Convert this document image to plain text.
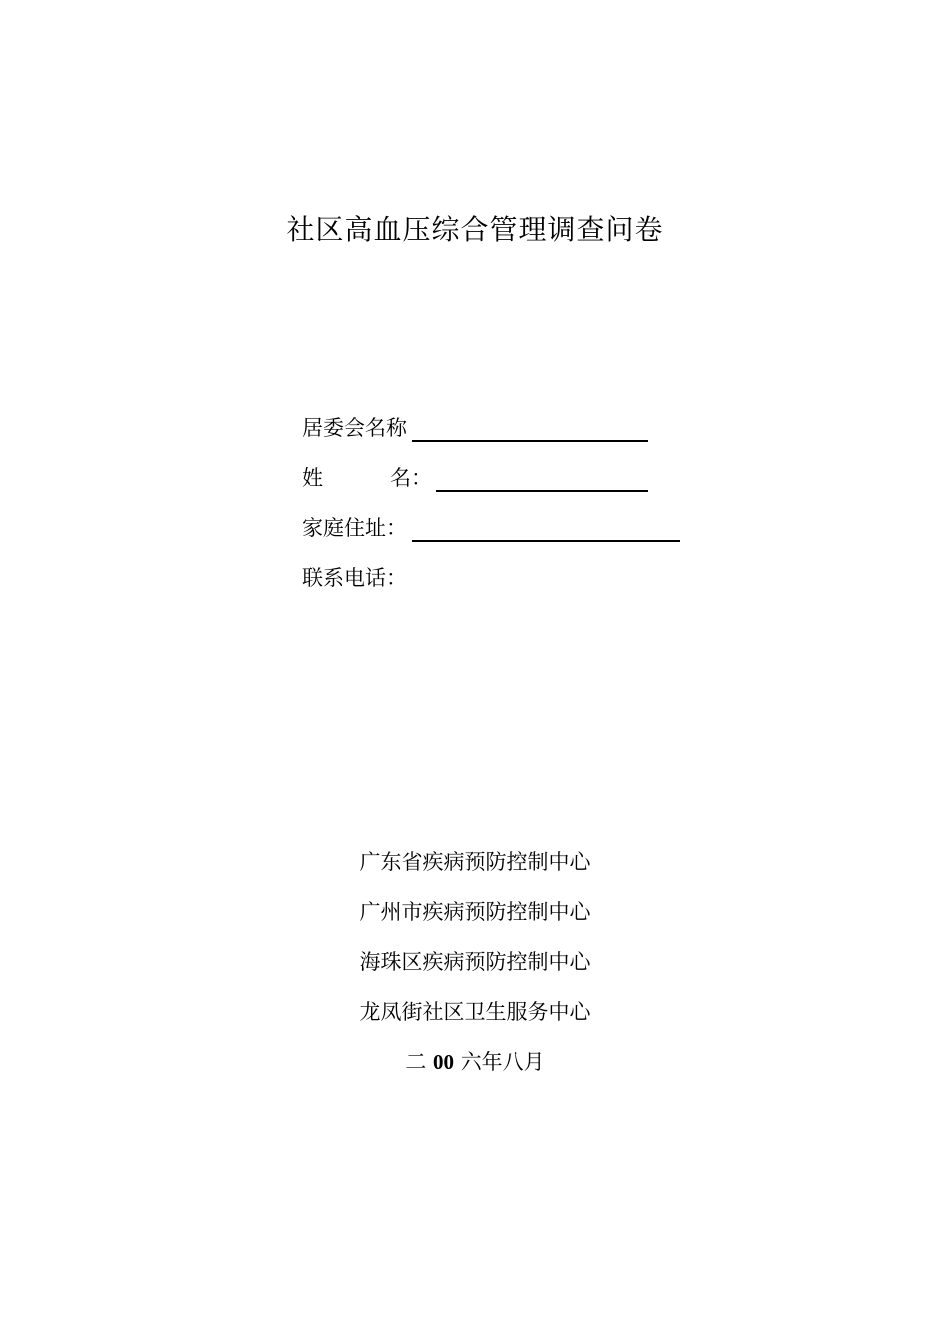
社区高血压综合管理调查问卷
居委会名称
姓	名：
家庭住址：
联系电话：
广东省疾病预防控制中心
广州市疾病预防控制中心
海珠区疾病预防控制中心
龙凤街社区卫生服务中心
二 00 六年八月
